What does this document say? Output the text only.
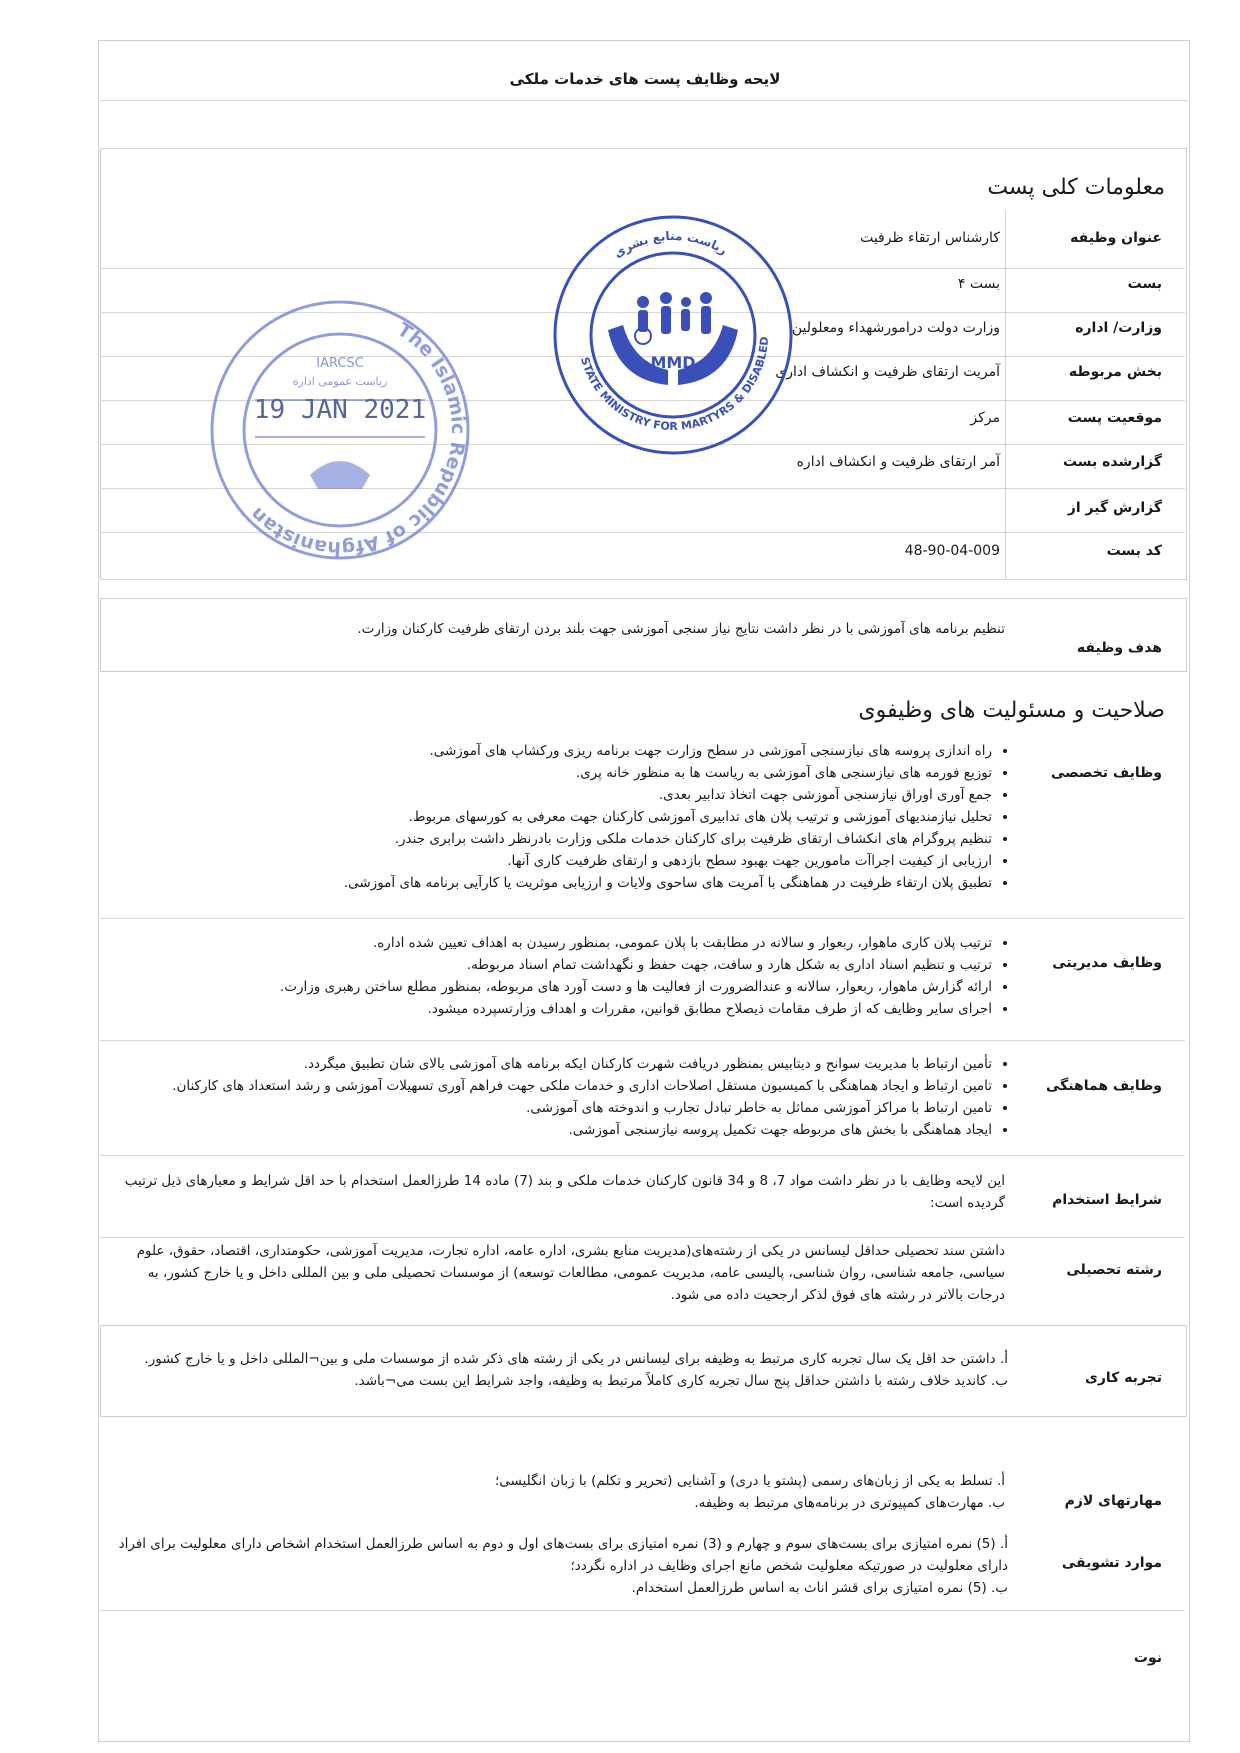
لایحه وظایف پست های خدمات ملکی
معلومات کلی پست
عنوان وظیفه
کارشناس ارتقاء ظرفیت
بست
بست ۴
وزارت/ اداره
وزارت دولت درامورشهداء ومعلولین
بخش مربوطه
آمریت ارتقای ظرفیت و انکشاف اداری
موقعیت پست
مرکز
گزارشده بست
آمر ارتقای ظرفیت و انکشاف اداره
گزارش گیر از
کد بست
48-90-04-009
هدف وظیفه
تنظیم برنامه های آموزشی با در نظر داشت نتایج نیاز سنجی آموزشی جهت بلند بردن ارتقای ظرفیت کارکنان وزارت.
صلاحیت و مسئولیت های وظیفوی
وظایف تخصصی
• راه اندازی پروسه های نیازسنجی آموزشی در سطح وزارت جهت برنامه ریزی ورکشاپ های آموزشی.
• توزیع فورمه های نیازسنجی های آموزشی به ریاست ها به منظور خانه پری.
• جمع آوری اوراق نیازسنجی آموزشی جهت اتخاذ تدابیر بعدی.
• تحلیل نیازمندیهای آموزشی و ترتیب پلان های تدابیری آموزشی کارکنان جهت معرفی به کورسهای مربوط.
• تنظیم پروگرام های انکشاف ارتقای ظرفیت برای کارکنان خدمات ملکی وزارت بادرنظر داشت برابری جندر.
• ارزیابی از کیفیت اجراآت مامورین جهت بهبود سطح بازدهی و ارتقای ظرفیت کاری آنها.
• تطبیق پلان ارتقاء ظرفیت در هماهنگی با آمریت های ساحوی ولایات و ارزیابی موثریت یا کارآیی برنامه های آموزشی.
وظایف مدیریتی
• ترتیب پلان کاری ماهوار، ربعوار و سالانه در مطابقت با پلان عمومی، بمنظور رسیدن به اهداف تعیین شده اداره.
• ترتیب و تنظیم اسناد اداری به شکل هارد و سافت، جهت حفظ و نگهداشت تمام اسناد مربوطه.
• ارائه گزارش ماهوار، ربعوار، سالانه و عندالضرورت از فعالیت ها و دست آورد های مربوطه، بمنظور مطلع ساختن رهبری وزارت.
• اجرای سایر وظایف که از طرف مقامات ذیصلاح مطابق قوانین، مقررات و اهداف وزارتسپرده میشود.
وظایف هماهنگی
• تأمین ارتباط با مدیریت سوانح و دیتابیس بمنظور دریافت شهرت کارکنان ایکه برنامه های آموزشی بالای شان تطبیق میگردد.
• تامین ارتباط و ایجاد هماهنگی با کمیسیون مستقل اصلاحات اداری و خدمات ملکی جهت فراهم آوری تسهیلات آموزشی و رشد استعداد های کارکنان.
• تامین ارتباط با مراکز آموزشی مماثل به خاطر تبادل تجارب و اندوخته های آموزشی.
• ایجاد هماهنگی با بخش های مربوطه جهت تکمیل پروسه نیازسنجی آموزشی.
شرایط استخدام
این لایحه وظایف با در نظر داشت مواد 7، 8 و 34 قانون کارکنان خدمات ملکی و بند (7) ماده 14 طرزالعمل استخدام با حد اقل شرایط و معیارهای ذیل ترتیب گردیده است:
رشته تحصیلی
داشتن سند تحصیلی حداقل لیسانس در یکی از رشته‌های(مدیریت منابع بشری، اداره عامه، اداره تجارت، مدیریت آموزشی، حکومتداری، اقتصاد، حقوق، علوم سیاسی، جامعه شناسی، روان شناسی، پالیسی عامه، مدیریت عمومی، مطالعات توسعه) از موسسات تحصیلی ملی و بین المللی داخل و یا خارج کشور، به درجات بالاتر در رشته های فوق لذکر ارجحیت داده می شود.
تجربه کاری
أ. داشتن حد اقل یک سال تجربه کاری مرتبط به وظیفه برای لیسانس در یکی از رشته های ذکر شده از موسسات ملی و بین¬المللی داخل و یا خارج کشور.
ب. کاندید خلاف رشته با داشتن حداقل پنج سال تجربه کاری کاملاً مرتبط به وظیفه، واجد شرایط این بست می¬باشد.
مهارتهای لازم
أ. تسلط به یکی از زبان‌های رسمی (پشتو یا دری) و آشنایی (تحریر و تکلم) با زبان انگلیسی؛
ب. مهارت‌های کمپیوتری در برنامه‌های مرتبط به وظیفه.
موارد تشویقی
أ. (5) نمره امتیازی برای بست‌های سوم و چهارم و (3) نمره امتیازی برای بست‌های اول و دوم به اساس طرزالعمل استخدام اشخاص دارای معلولیت برای افراد دارای معلولیت در صورتیکه معلولیت شخص مانع اجرای وظایف در اداره نگردد؛
ب. (5) نمره امتیازی برای قشر اناث به اساس طرزالعمل استخدام.
نوت
The Islamic Republic of Afghanistan
IARCSC
ریاست عمومی اداره
19 JAN 2021
STATE MINISTRY FOR MARTYRS & DISABLED
ریاست منابع بشری
MMD
